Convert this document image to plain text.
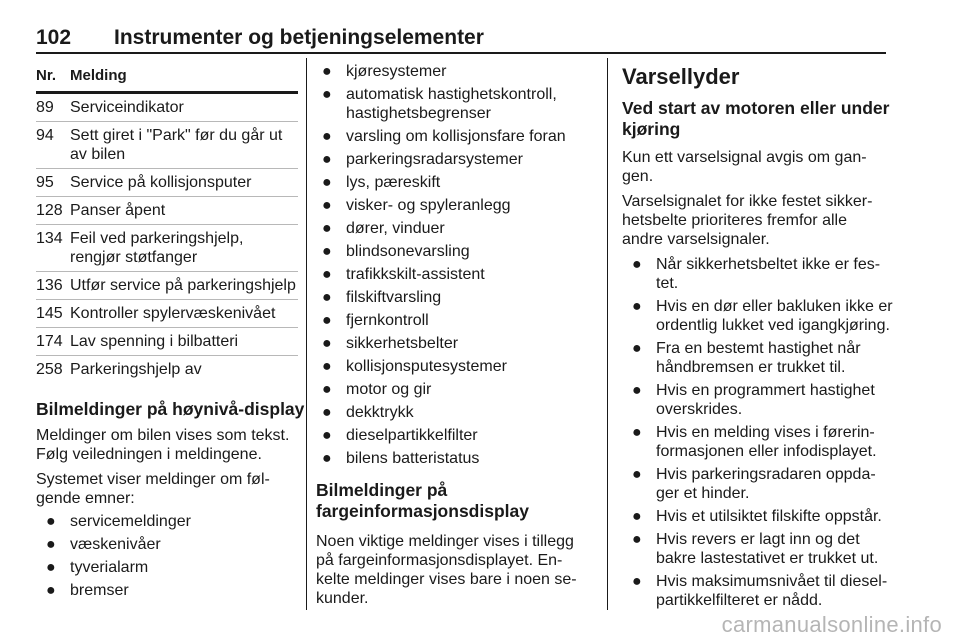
102 Instrumenter og betjeningselementer
Nr. Melding
89	Serviceindikator
94	Sett giret i "Park" før du går ut
av bilen
95	Service på kollisjonsputer
128 Panser åpent
134 Feil ved parkeringshjelp,
rengjør støtfanger
136 Utfør service på parkeringshjelp
145 Kontroller spylervæskenivået
174 Lav spenning i bilbatteri
258 Parkeringshjelp av
Bilmeldinger på høynivå-display

Meldinger om bilen vises som tekst.
Følg veiledningen i meldingene.

Systemet viser meldinger om føl-
gende emner:

● servicemeldinger
● væskenivåer
● tyverialarm
● bremser
● kjøresystemer
● automatisk hastighetskontroll,
hastighetsbegrenser
● varsling om kollisjonsfare foran
● parkeringsradarsystemer
● lys, pæreskift
● visker- og spyleranlegg
● dører, vinduer
● blindsonevarsling
● trafikkskilt-assistent
● filskiftvarsling
● fjernkontroll
● sikkerhetsbelter
● kollisjonsputesystemer
● motor og gir
● dekktrykk
● dieselpartikkelfilter
● bilens batteristatus
Bilmeldinger på
fargeinformasjonsdisplay

Noen viktige meldinger vises i tillegg
på fargeinformasjonsdisplayet. En-
kelte meldinger vises bare i noen se-
kunder.

Varsellyder
Ved start av motoren eller under
kjøring

Kun ett varselsignal avgis om gan-
gen.

Varselsignalet for ikke festet sikker-
hetsbelte prioriteres fremfor alle
andre varselsignaler.

● Når sikkerhetsbeltet ikke er fes-
tet.
● Hvis en dør eller bakluken ikke er
ordentlig lukket ved igangkjøring.
● Fra en bestemt hastighet når
håndbremsen er trukket til.
● Hvis en programmert hastighet
overskrides.
● Hvis en melding vises i førerin-
formasjonen eller infodisplayet.
● Hvis parkeringsradaren oppda-
ger et hinder.
● Hvis et utilsiktet filskifte oppstår.
● Hvis revers er lagt inn og det
bakre lastestativet er trukket ut.
● Hvis maksimumsnivået til diesel-
partikkelfilteret er nådd.
carmanualsonline.info
